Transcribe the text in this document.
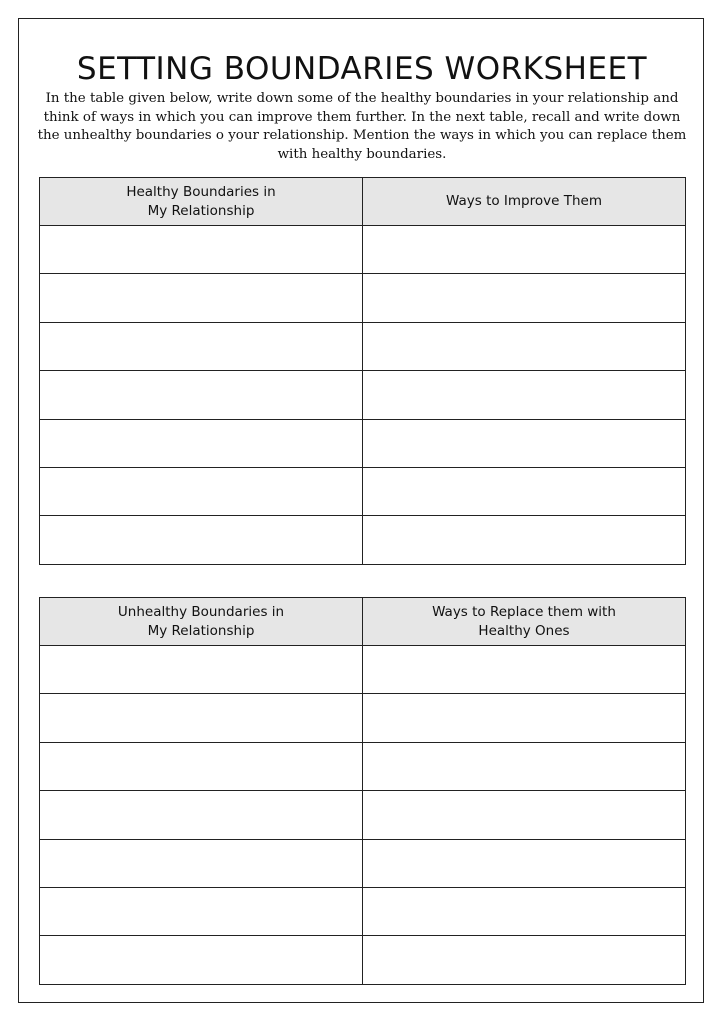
SETTING BOUNDARIES WORKSHEET

In the table given below, write down some of the healthy boundaries in your relationship and think of ways in which you can improve them further. In the next table, recall and write down the unhealthy boundaries o your relationship. Mention the ways in which you can replace them with healthy boundaries.

Healthy Boundaries in
My Relationship	Ways to Improve Them

Unhealthy Boundaries in
My Relationship	Ways to Replace them with
Healthy Ones
